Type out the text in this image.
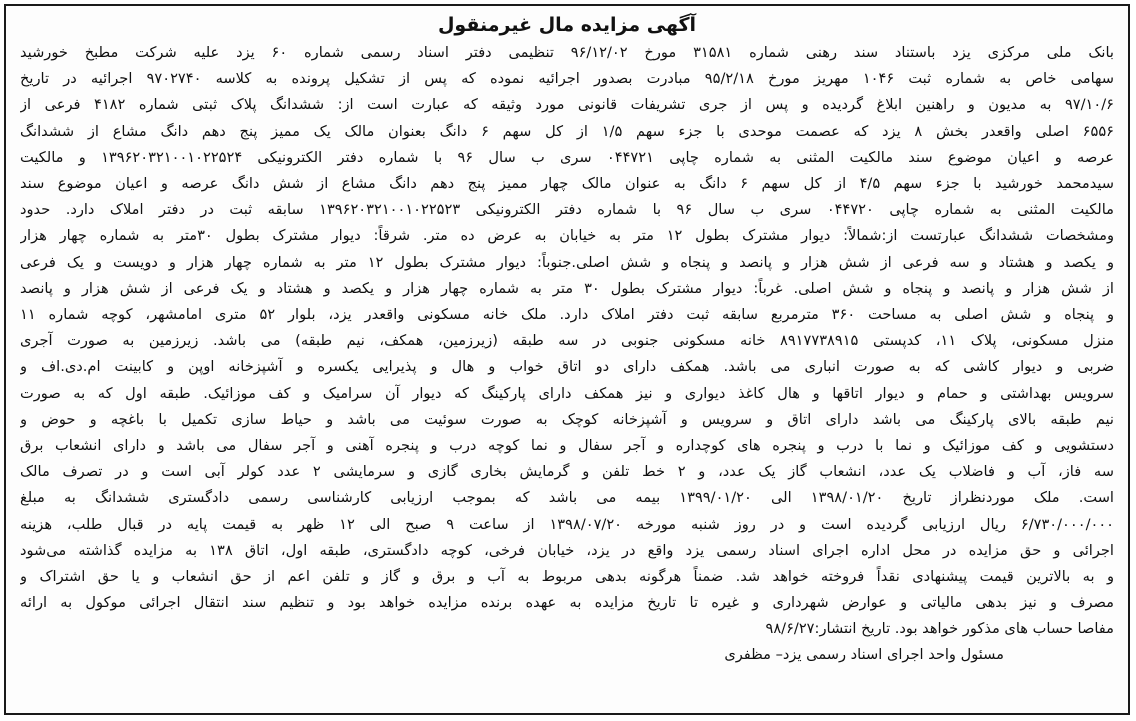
آگهی مزایده مال غیرمنقول
بانک ملی مرکزی یزد باستناد سند رهنی شماره ۳۱۵۸۱ مورخ ۹۶/۱۲/۰۲ تنظیمی دفتر اسناد رسمی شماره ۶۰ یزد علیه شرکت مطبخ خورشید
سهامی خاص به شماره ثبت ۱۰۴۶ مهریز مورخ ۹۵/۲/۱۸ مبادرت بصدور اجرائیه نموده که پس از تشکیل پرونده به کلاسه ۹۷۰۲۷۴۰ اجرائیه در تاریخ
۹۷/۱۰/۶ به مدیون و راهنین ابلاغ گردیده و پس از جری تشریفات قانونی مورد وثیقه که عبارت است از: ششدانگ پلاک ثبتی شماره ۴۱۸۲ فرعی از
۶۵۵۶ اصلی واقعدر بخش ۸ یزد که عصمت موحدی با جزء سهم ۱/۵ از کل سهم ۶ دانگ بعنوان مالک یک ممیز پنج دهم دانگ مشاع از ششدانگ
عرصه و اعیان موضوع سند مالکیت المثنی به شماره چاپی ۰۴۴۷۲۱ سری ب سال ۹۶ با شماره دفتر الکترونیکی ۱۳۹۶۲۰۳۲۱۰۰۱۰۲۲۵۲۴ و مالکیت
سیدمحمد خورشید با جزء سهم ۴/۵ از کل سهم ۶ دانگ به عنوان مالک چهار ممیز پنج دهم دانگ مشاع از شش دانگ عرصه و اعیان موضوع سند
مالکیت المثنی به شماره چاپی ۰۴۴۷۲۰ سری ب سال ۹۶ با شماره دفتر الکترونیکی ۱۳۹۶۲۰۳۲۱۰۰۱۰۲۲۵۲۳ سابقه ثبت در دفتر املاک دارد. حدود
ومشخصات ششدانگ عبارتست از:شمالاً: دیوار مشترک بطول ۱۲ متر به خیابان به عرض ده متر. شرقاً: دیوار مشترک بطول ۳۰متر به شماره چهار هزار
و یکصد و هشتاد و سه فرعی از شش هزار و پانصد و پنجاه و شش اصلی.جنوباً: دیوار مشترک بطول ۱۲ متر به شماره چهار هزار و دویست و یک فرعی
از شش هزار و پانصد و پنجاه و شش اصلی. غرباً: دیوار مشترک بطول ۳۰ متر به شماره چهار هزار و یکصد و هشتاد و یک فرعی از شش هزار و پانصد
و پنجاه و شش اصلی به مساحت ۳۶۰ مترمربع سابقه ثبت دفتر املاک دارد. ملک خانه مسکونی واقعدر یزد، بلوار ۵۲ متری امامشهر، کوچه شماره ۱۱
منزل مسکونی، پلاک ۱۱، کدپستی ۸۹۱۷۷۳۸۹۱۵ خانه مسکونی جنوبی در سه طبقه (زیرزمین، همکف، نیم طبقه) می باشد. زیرزمین به صورت آجری
ضربی و دیوار کاشی که به صورت انباری می باشد. همکف دارای دو اتاق خواب و هال و پذیرایی یکسره و آشپزخانه اوپن و کابینت ام.دی.اف و
سرویس بهداشتی و حمام و دیوار اتاقها و هال کاغذ دیواری و نیز همکف دارای پارکینگ که دیوار آن سرامیک و کف موزائیک. طبقه اول که به صورت
نیم طبقه بالای پارکینگ می باشد دارای اتاق و سرویس و آشپزخانه کوچک به صورت سوئیت می باشد و حیاط سازی تکمیل با باغچه و حوض و
دستشویی و کف موزائیک و نما با درب و پنجره های کوچداره و آجر سفال و نما کوچه درب و پنجره آهنی و آجر سفال می باشد و دارای انشعاب برق
سه فاز، آب و فاضلاب یک عدد، انشعاب گاز یک عدد، و ۲ خط تلفن و گرمایش بخاری گازی و سرمایشی ۲ عدد کولر آبی است و در تصرف مالک
است. ملک موردنظراز تاریخ ۱۳۹۸/۰۱/۲۰ الی ۱۳۹۹/۰۱/۲۰ بیمه می باشد که بموجب ارزیابی کارشناسی رسمی دادگستری ششدانگ به مبلغ
۶/۷۳۰/۰۰۰/۰۰۰ ریال ارزیابی گردیده است و در روز شنبه مورخه ۱۳۹۸/۰۷/۲۰ از ساعت ۹ صبح الی ۱۲ ظهر به قیمت پایه در قبال طلب، هزینه
اجرائی و حق مزایده در محل اداره اجرای اسناد رسمی یزد واقع در یزد، خیابان فرخی، کوچه دادگستری، طبقه اول، اتاق ۱۳۸ به مزایده گذاشته می‌شود
و به بالاترین قیمت پیشنهادی نقداً فروخته خواهد شد. ضمناً هرگونه بدهی مربوط به آب و برق و گاز و تلفن اعم از حق انشعاب و یا حق اشتراک و
مصرف و نیز بدهی مالیاتی و عوارض شهرداری و غیره تا تاریخ مزایده به عهده برنده مزایده خواهد بود و تنظیم سند انتقال اجرائی موکول به ارائه
مفاصا حساب های مذکور خواهد بود. تاریخ انتشار:۹۸/۶/۲۷
مسئول واحد اجرای اسناد رسمی یزد– مظفری
